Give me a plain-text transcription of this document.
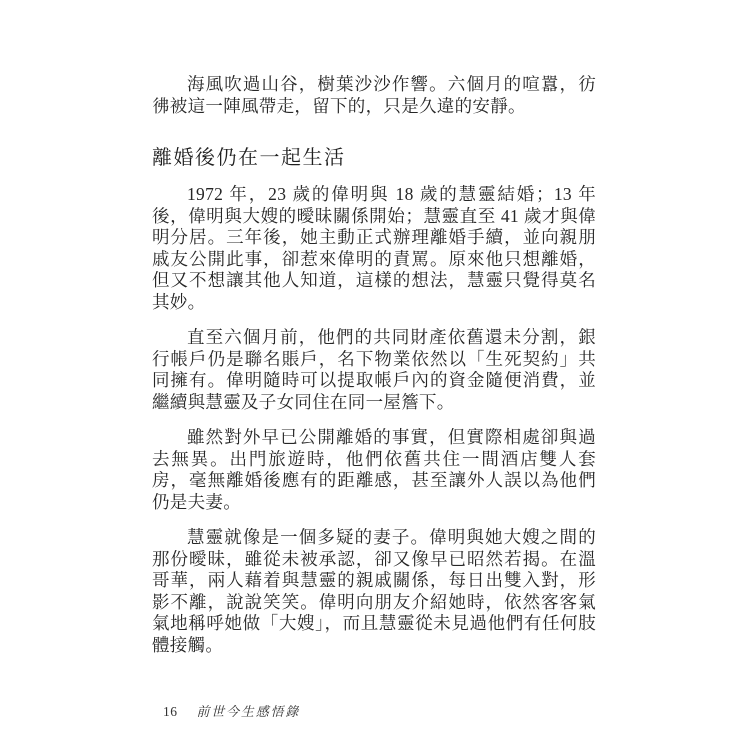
海風吹過山谷，樹葉沙沙作響。六個月的喧囂，彷彿被這一陣風帶走，留下的，只是久違的安靜。

離婚後仍在一起生活

1972 年，23 歲的偉明與 18 歲的慧靈結婚；13 年後，偉明與大嫂的曖昧關係開始；慧靈直至 41 歲才與偉明分居。三年後，她主動正式辦理離婚手續，並向親朋戚友公開此事，卻惹來偉明的責罵。原來他只想離婚，但又不想讓其他人知道，這樣的想法，慧靈只覺得莫名其妙。

直至六個月前，他們的共同財產依舊還未分割，銀行帳戶仍是聯名賬戶，名下物業依然以「生死契約」共同擁有。偉明隨時可以提取帳戶內的資金隨便消費，並繼續與慧靈及子女同住在同一屋簷下。

雖然對外早已公開離婚的事實，但實際相處卻與過去無異。出門旅遊時，他們依舊共住一間酒店雙人套房，毫無離婚後應有的距離感，甚至讓外人誤以為他們仍是夫妻。

慧靈就像是一個多疑的妻子。偉明與她大嫂之間的那份曖昧，雖從未被承認，卻又像早已昭然若揭。在溫哥華，兩人藉着與慧靈的親戚關係，每日出雙入對，形影不離，說說笑笑。偉明向朋友介紹她時，依然客客氣氣地稱呼她做「大嫂」，而且慧靈從未見過他們有任何肢體接觸。

16 前世今生感悟錄
